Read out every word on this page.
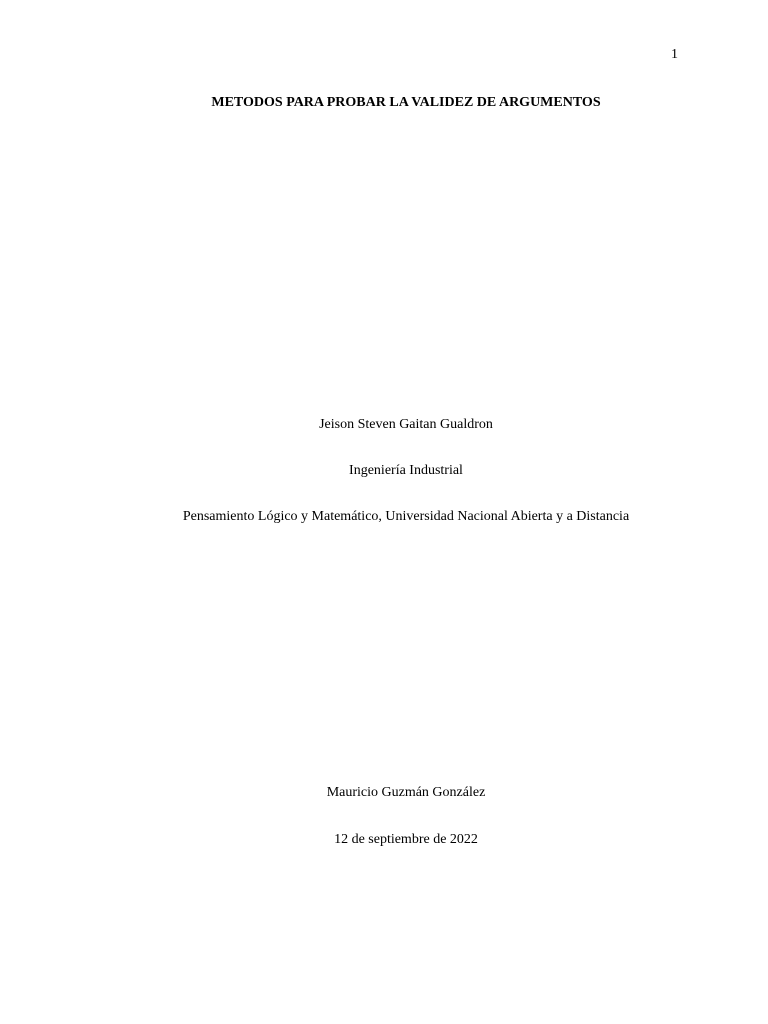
1
METODOS PARA PROBAR LA VALIDEZ DE ARGUMENTOS
Jeison Steven Gaitan Gualdron
Ingeniería Industrial
Pensamiento Lógico y Matemático, Universidad Nacional Abierta y a Distancia
Mauricio Guzmán González
12 de septiembre de 2022
